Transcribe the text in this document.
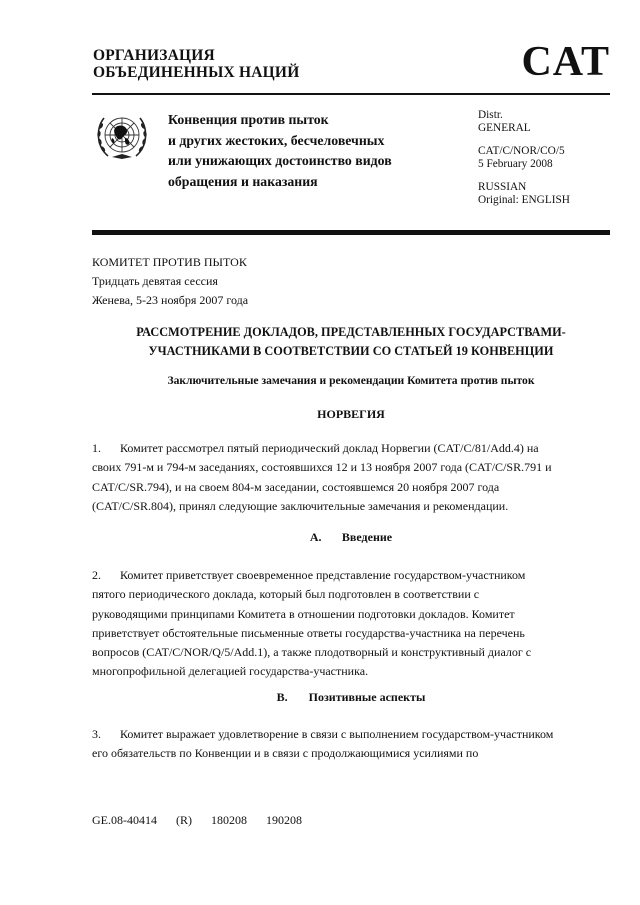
ОРГАНИЗАЦИЯ
ОБЪЕДИНЕННЫХ НАЦИЙ	CAT
Конвенция против пыток
и других жестоких, бесчеловечных
или унижающих достоинство видов
обращения и наказания
Distr.
GENERAL
CAT/C/NOR/CO/5
5 February 2008
RUSSIAN
Original: ENGLISH
КОМИТЕТ ПРОТИВ ПЫТОК
Тридцать девятая сессия
Женева, 5-23 ноября 2007 года
РАССМОТРЕНИЕ ДОКЛАДОВ, ПРЕДСТАВЛЕННЫХ ГОСУДАРСТВАМИ-
УЧАСТНИКАМИ В СООТВЕТСТВИИ СО СТАТЬЕЙ 19 КОНВЕНЦИИ
Заключительные замечания и рекомендации Комитета против пыток
НОРВЕГИЯ
1. Комитет рассмотрел пятый периодический доклад Норвегии (CAT/C/81/Add.4) на
своих 791-м и 794-м заседаниях, состоявшихся 12 и 13 ноября 2007 года (CAT/C/SR.791 и
CAT/C/SR.794), и на своем 804-м заседании, состоявшемся 20 ноября 2007 года
(CAT/C/SR.804), принял следующие заключительные замечания и рекомендации.
A. Введение
2. Комитет приветствует своевременное представление государством-участником
пятого периодического доклада, который был подготовлен в соответствии с
руководящими принципами Комитета в отношении подготовки докладов. Комитет
приветствует обстоятельные письменные ответы государства-участника на перечень
вопросов (CAT/C/NOR/Q/5/Add.1), а также плодотворный и конструктивный диалог с
многопрофильной делегацией государства-участника.
B. Позитивные аспекты
3. Комитет выражает удовлетворение в связи с выполнением государством-участником
его обязательств по Конвенции и в связи с продолжающимися усилиями по
GE.08-40414 (R) 180208 190208
